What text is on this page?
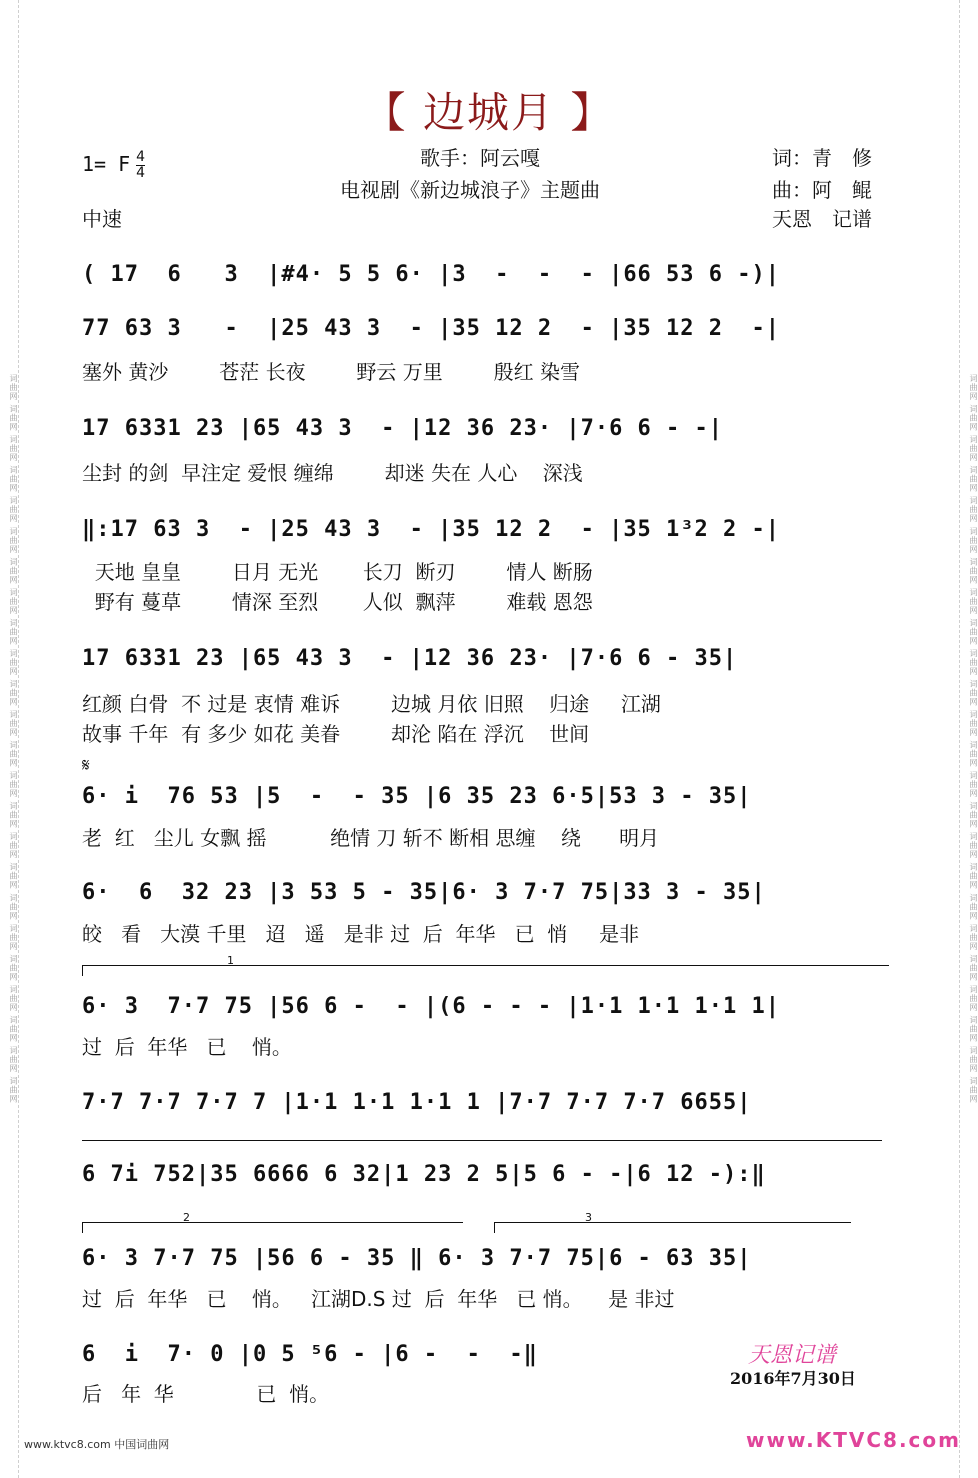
词曲网 词曲网 词曲网 词曲网 词曲网 词曲网 词曲网 词曲网 词曲网 词曲网 词曲网 词曲网 词曲网 词曲网 词曲网 词曲网 词曲网 词曲网 词曲网 词曲网 词曲网 词曲网 词曲网 词曲网	词曲网 词曲网 词曲网 词曲网 词曲网 词曲网 词曲网 词曲网 词曲网 词曲网 词曲网 词曲网 词曲网 词曲网 词曲网 词曲网 词曲网 词曲网 词曲网 词曲网 词曲网 词曲网 词曲网 词曲网
【 边城月 】
1= F $\frac{4}{4}$
中速
歌手：阿云嘎
电视剧《新边城浪子》主题曲
词：青　修
曲：阿　鲲
天恩　记谱
( 17  6   3  |#4· 5 5 6· |3  -  -  - |66 53 6 -)|
77 63 3   -  |25 43 3  - |35 12 2  - |35 12 2  -|
塞外 黄沙        苍茫 长夜        野云 万里        殷红 染雪
17 6331 23 |65 43 3  - |12 36 23· |7·6 6 - -|
尘封 的剑  早注定 爱恨 缠绵        却迷 失在 人心    深浅
‖:17 63 3  - |25 43 3  - |35 12 2  - |35 1³2 2 -|
天地 皇皇        日月 无光       长刀  断刃        情人 断肠
野有 蔓草        情深 至烈       人似  飘萍        难载 恩怨
17 6331 23 |65 43 3  - |12 36 23· |7·6 6 - 35|
红颜 白骨  不 过是 衷情 难诉        边城 月依 旧照    归途     江湖
故事 千年  有 多少 如花 美眷        却沦 陷在 浮沉    世间
𝄋
6· i  76 53 |5  -  - 35 |6 35 23 6·5|53 3 - 35|
老  红   尘儿 女飘 摇          绝情 刀 斩不 断相 思缠    绕      明月
6·  6  32 23 |3 53 5 - 35|6· 3 7·7 75|33 3 - 35|
皎   看   大漠 千里   迢   遥   是非 过  后  年华   已  悄     是非
1
6· 3  7·7 75 |56 6 -  - |(6 - - - |1·1 1·1 1·1 1|
过  后  年华   已    悄。
7·7 7·7 7·7 7 |1·1 1·1 1·1 1 |7·7 7·7 7·7 6655|
6 7i 752|35 6666 6 32|1 23 2 5|5 6 - -|6 12 -):‖
2	3
6· 3 7·7 75 |56 6 - 35 ‖ 6· 3 7·7 75|6 - 63 35|
过  后  年华   已    悄。   江湖D.S 过  后  年华   已 悄。    是 非过
6  i  7· 0 |0 5 ⁵6 - |6 -  -  -‖
后   年  华             已  悄。
天恩记谱
2016年7月30日
www.ktvc8.com 中国词曲网	www.KTVC8.com
